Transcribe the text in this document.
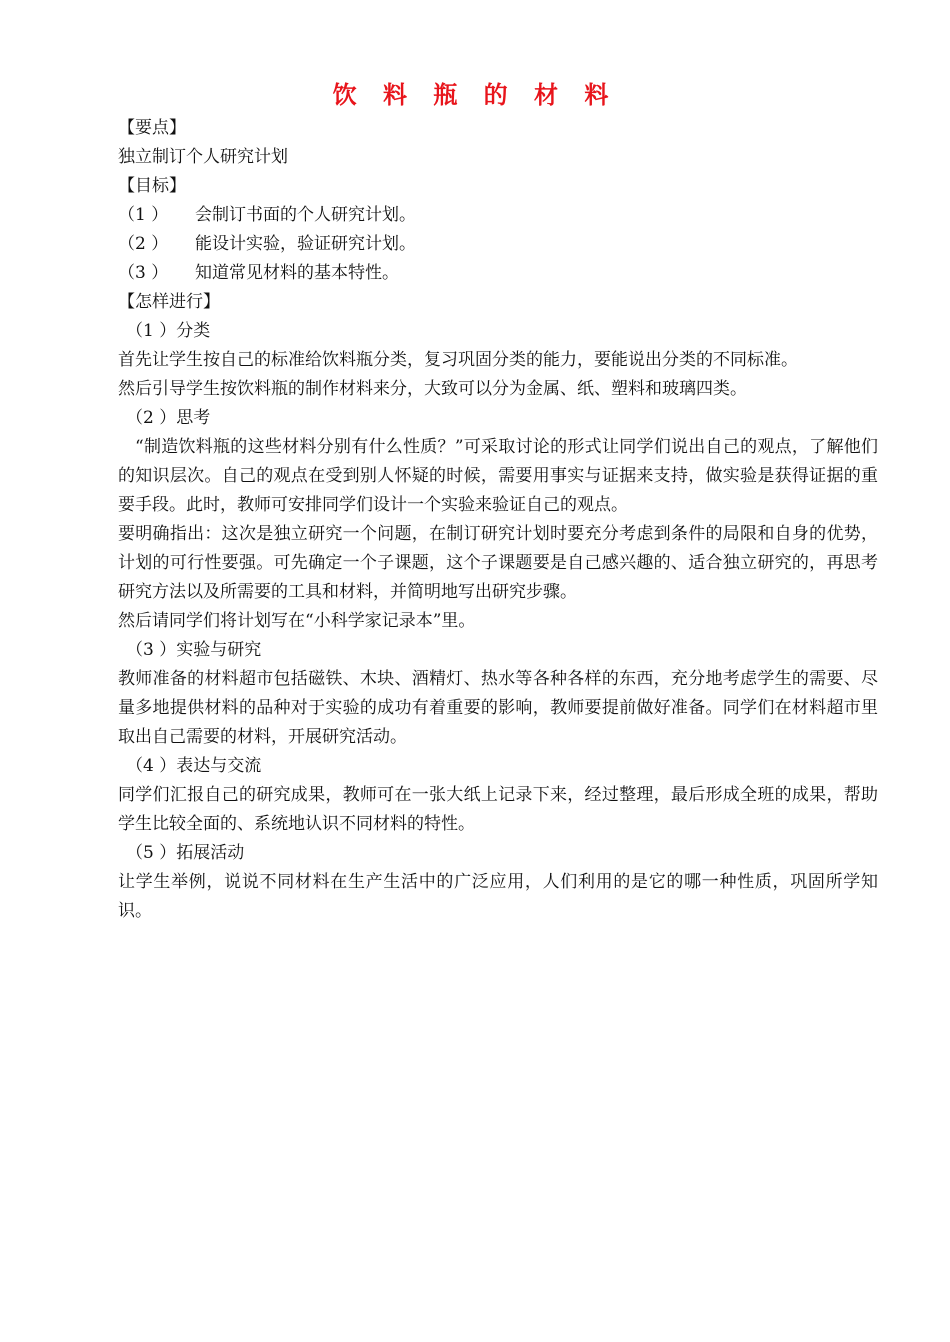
饮 料 瓶 的 材 料
【要点】
独立制订个人研究计划
【目标】
（1 ） 会制订书面的个人研究计划。
（2 ） 能设计实验，验证研究计划。
（3 ） 知道常见材料的基本特性。
【怎样进行】
（1 ）分类
首先让学生按自己的标准给饮料瓶分类，复习巩固分类的能力，要能说出分类的不同标准。
然后引导学生按饮料瓶的制作材料来分，大致可以分为金属、纸、塑料和玻璃四类。
（2 ）思考

“制造饮料瓶的这些材料分别有什么性质？”可采取讨论的形式让同学们说出自己的观点，了解他们的知识层次。自己的观点在受到别人怀疑的时候，需要用事实与证据来支持，做实验是获得证据的重要手段。此时，教师可安排同学们设计一个实验来验证自己的观点。

要明确指出：这次是独立研究一个问题，在制订研究计划时要充分考虑到条件的局限和自身的优势，计划的可行性要强。可先确定一个子课题，这个子课题要是自己感兴趣的、适合独立研究的，再思考研究方法以及所需要的工具和材料，并简明地写出研究步骤。

然后请同学们将计划写在“小科学家记录本”里。
（3 ）实验与研究

教师准备的材料超市包括磁铁、木块、酒精灯、热水等各种各样的东西，充分地考虑学生的需要、尽量多地提供材料的品种对于实验的成功有着重要的影响，教师要提前做好准备。同学们在材料超市里取出自己需要的材料，开展研究活动。

（4 ）表达与交流

同学们汇报自己的研究成果，教师可在一张大纸上记录下来，经过整理，最后形成全班的成果，帮助学生比较全面的、系统地认识不同材料的特性。

（5 ）拓展活动

让学生举例，说说不同材料在生产生活中的广泛应用，人们利用的是它的哪一种性质，巩固所学知识。
